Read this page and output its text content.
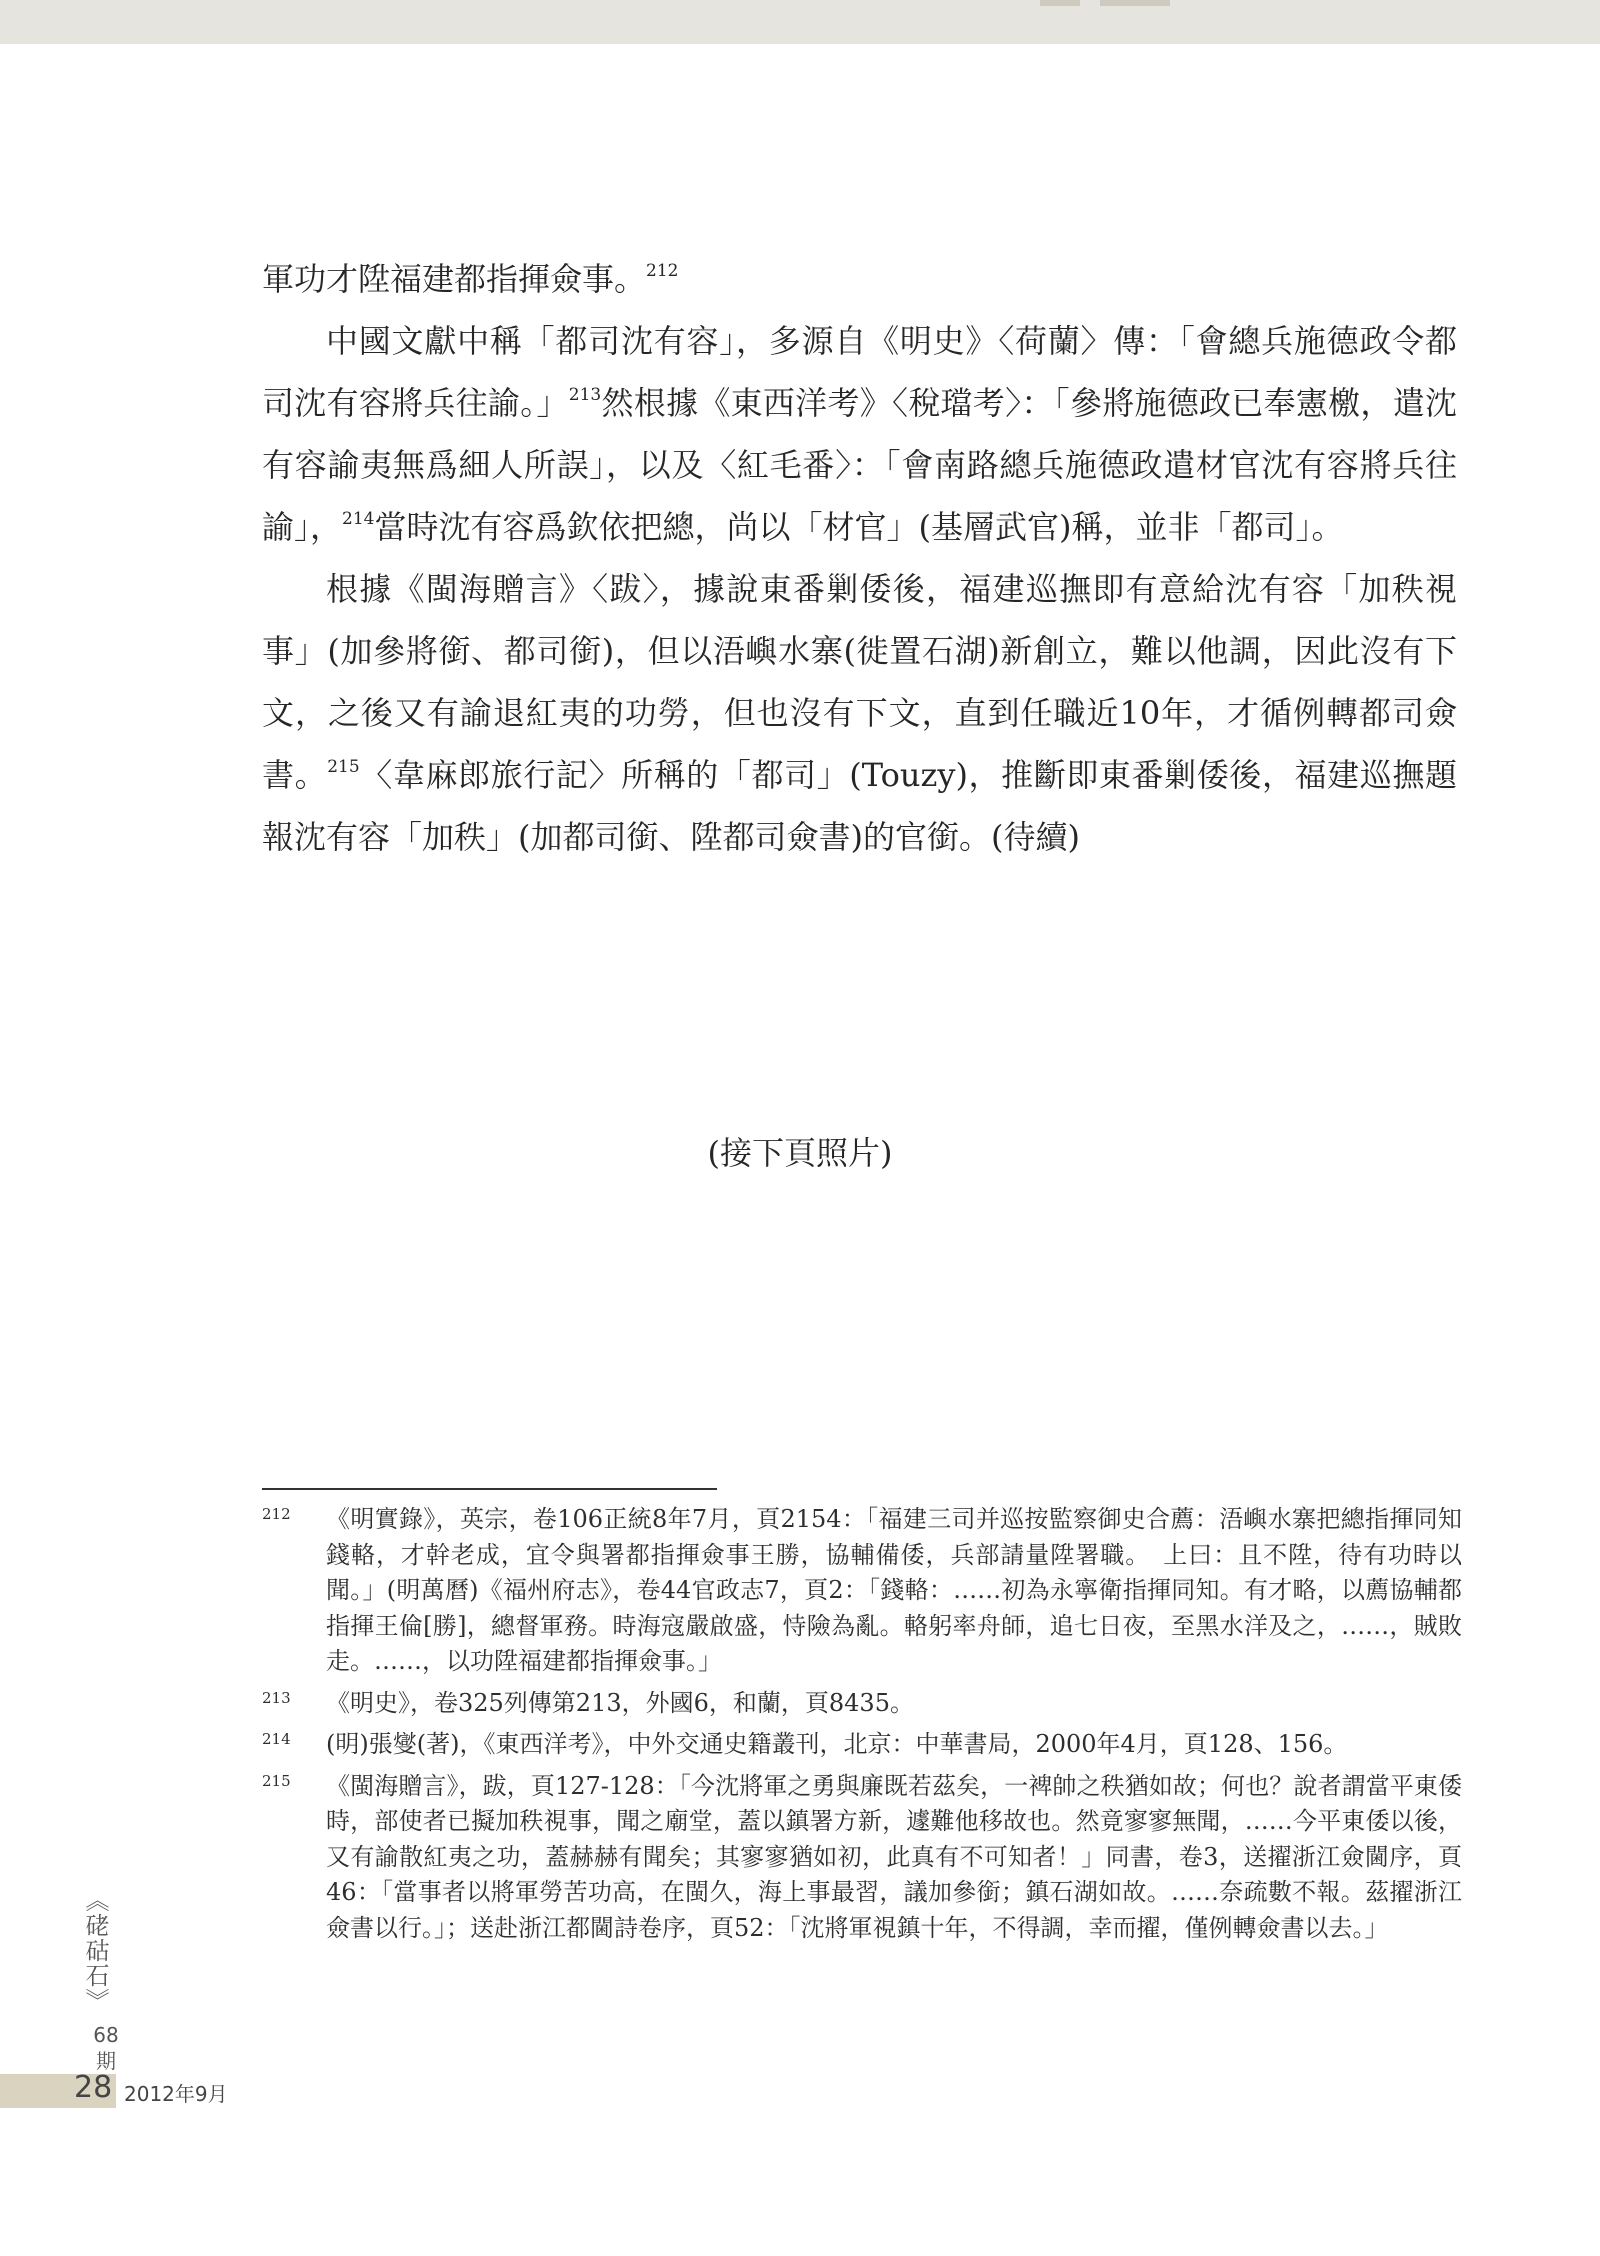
軍功才陞福建都指揮僉事。$^{212}$

中國文獻中稱「都司沈有容」，多源自《明史》〈荷蘭〉傳：「會總兵施德政令都司沈有容將兵往諭。」$^{213}$然根據《東西洋考》〈稅璫考〉：「參將施德政已奉憲檄，遣沈有容諭夷無爲細人所誤」，以及〈紅毛番〉：「會南路總兵施德政遣材官沈有容將兵往諭」，$^{214}$當時沈有容爲欽依把總，尚以「材官」(基層武官)稱，並非「都司」。

根據《閩海贈言》〈跋〉，據說東番剿倭後，福建巡撫即有意給沈有容「加秩視事」(加參將銜、都司銜)，但以浯嶼水寨(徙置石湖)新創立，難以他調，因此沒有下文，之後又有諭退紅夷的功勞，但也沒有下文，直到任職近10年，才循例轉都司僉書。$^{215}$〈韋麻郎旅行記〉所稱的「都司」(Touzy)，推斷即東番剿倭後，福建巡撫題報沈有容「加秩」(加都司銜、陞都司僉書)的官銜。(待續)

(接下頁照片)
212	《明實錄》，英宗，卷106正統8年7月，頁2154：「福建三司并巡按監察御史合薦：浯嶼水寨把總指揮同知錢輅，才幹老成，宜令與署都指揮僉事王勝，協輔備倭，兵部請量陞署職。　上曰：且不陞，待有功時以聞。」(明萬曆)《福州府志》，卷44官政志7，頁2：「錢輅：……初為永寧衛指揮同知。有才略，以薦協輔都指揮王倫[勝]，總督軍務。時海寇嚴啟盛，恃險為亂。輅躬率舟師，追七日夜，至黑水洋及之，……，賊敗走。……，以功陞福建都指揮僉事。」
213	《明史》，卷325列傳第213，外國6，和蘭，頁8435。
214	(明)張燮(著)，《東西洋考》，中外交通史籍叢刊，北京：中華書局，2000年4月，頁128、156。
215	《閩海贈言》，跋，頁127-128：「今沈將軍之勇與廉既若茲矣，一裨帥之秩猶如故；何也？說者謂當平東倭時，部使者已擬加秩視事，聞之廟堂，蓋以鎮署方新，遽難他移故也。然竟寥寥無聞，……今平東倭以後，又有諭散紅夷之功，蓋赫赫有聞矣；其寥寥猶如初，此真有不可知者！」同書，卷3，送擢浙江僉閫序，頁46：「當事者以將軍勞苦功高，在閩久，海上事最習，議加參銜；鎮石湖如故。……奈疏數不報。茲擢浙江僉書以行。」；送赴浙江都閫詩卷序，頁52：「沈將軍視鎮十年，不得調，幸而擢，僅例轉僉書以去。」
《硓𥑮石》
68
期
28 2012年9月
